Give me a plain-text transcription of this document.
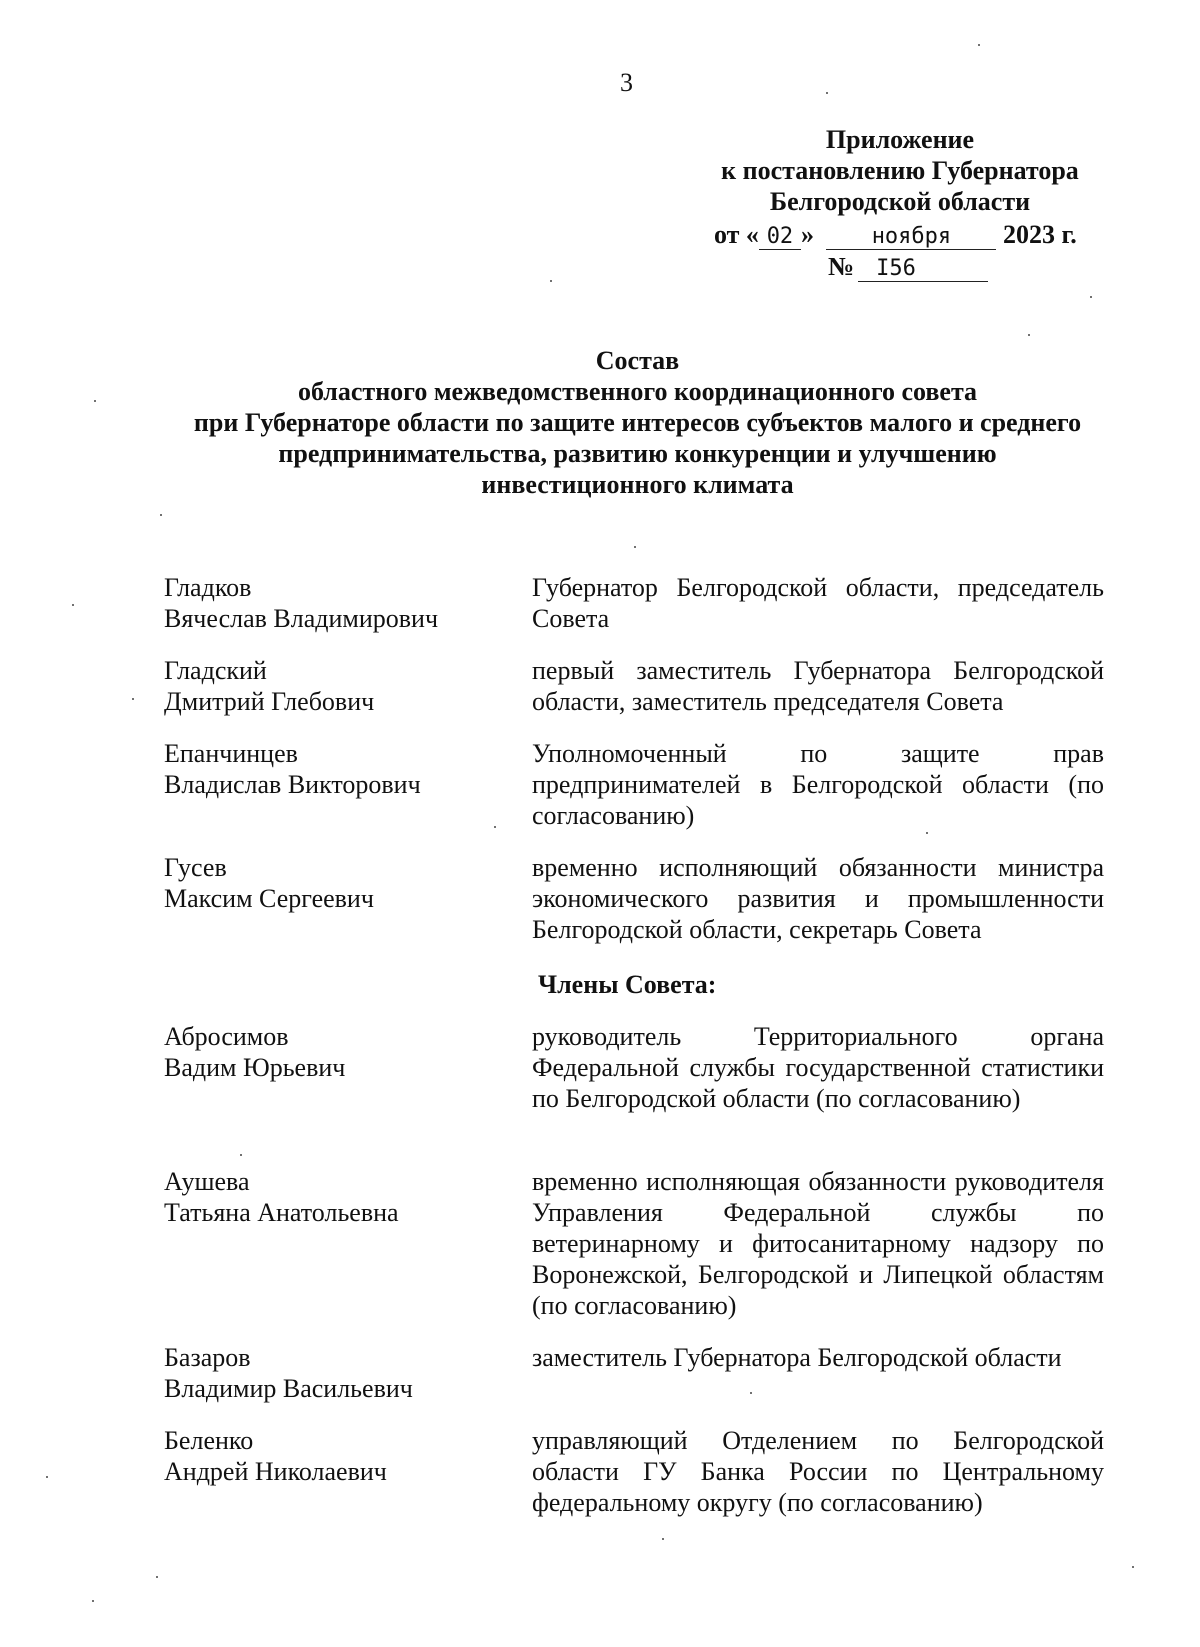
3
Приложение
к постановлению Губернатора
Белгородской области
от « 02 »	ноября 2023 г.
№ I56
Состав
областного межведомственного координационного совета
при Губернаторе области по защите интересов субъектов малого и среднего
предпринимательства, развитию конкуренции и улучшению
инвестиционного климата
Гладков
Вячеслав Владимирович
Губернатор Белгородской области, председатель Совета
Гладский
Дмитрий Глебович
первый заместитель Губернатора Белгородской области, заместитель председателя Совета
Епанчинцев
Владислав Викторович
Уполномоченный по защите прав предпринимателей в Белгородской области (по согласованию)
Гусев
Максим Сергеевич
временно исполняющий обязанности министра экономического развития и промышленности Белгородской области, секретарь Совета
Члены Совета:
Абросимов
Вадим Юрьевич
руководитель Территориального органа Федеральной службы государственной статистики по Белгородской области (по согласованию)
Аушева
Татьяна Анатольевна
временно исполняющая обязанности руководителя Управления Федеральной службы по ветеринарному и фитосанитарному надзору по Воронежской, Белгородской и Липецкой областям (по согласованию)
Базаров
Владимир Васильевич
заместитель Губернатора Белгородской области
Беленко
Андрей Николаевич
управляющий Отделением по Белгородской области ГУ Банка России по Центральному федеральному округу (по согласованию)
